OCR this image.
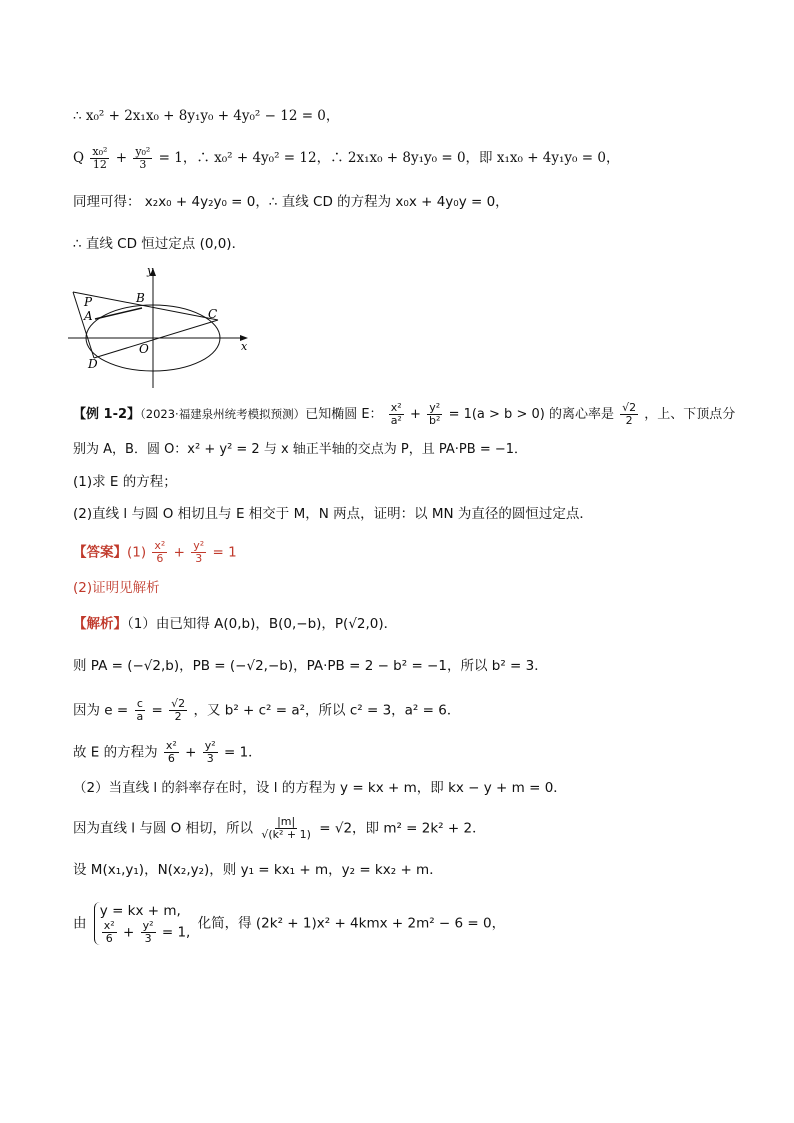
∴ x₀² + 2x₁x₀ + 8y₁y₀ + 4y₀² − 12 = 0，
Q $\frac{\text{x₀²}}{12} + \frac{\text{y₀²}}{3} = 1$，∴ x₀² + 4y₀² = 12，∴ 2x₁x₀ + 8y₁y₀ = 0，即 x₁x₀ + 4y₁y₀ = 0，
同理可得： x₂x₀ + 4y₂y₀ = 0，∴ 直线 CD 的方程为 x₀x + 4y₀y = 0，
∴ 直线 CD 恒过定点 (0,0)．
y
x
P	B
A	C
O
D
【例 1-2】（2023·福建泉州统考模拟预测）已知椭圆 E： $\frac{\text{x²}}{\text{a²}} + \frac{\text{y²}}{\text{b²}} = 1(a > b > 0)$ 的离心率是 $\frac{√2}{2}$ ，上、下顶点分
别为 A，B．圆 O：x² + y² = 2 与 x 轴正半轴的交点为 P，且 PA·PB = −1．
(1)求 E 的方程；
(2)直线 l 与圆 O 相切且与 E 相交于 M，N 两点，证明：以 MN 为直径的圆恒过定点．
【答案】$(1) \frac{\text{x²}}{6} + \frac{\text{y²}}{3} = 1$
(2)证明见解析
【解析】（1）由已知得 A(0,b)，B(0,−b)，P(√2,0)．
则 PA = (−√2,b)，PB = (−√2,−b)，PA·PB = 2 − b² = −1，所以 b² = 3．
因为 $e = \frac{c}{a} = \frac{√2}{2}$ ，又 b² + c² = a²，所以 c² = 3，a² = 6．
故 E 的方程为 $\frac{\text{x²}}{6} + \frac{\text{y²}}{3} = 1$．
（2）当直线 l 的斜率存在时，设 l 的方程为 y = kx + m，即 kx − y + m = 0．
因为直线 l 与圆 O 相切，所以 $\frac{|m|}{\text{√(k² + 1)}} = √2$，即 m² = 2k² + 2．
设 M(x₁,y₁)，N(x₂,y₂)，则 y₁ = kx₁ + m，y₂ = kx₂ + m．
由
y = kx + m,
$\frac{\text{x²}}{6} + \frac{\text{y²}}{3} = 1$,
化简，得 (2k² + 1)x² + 4kmx + 2m² − 6 = 0，
